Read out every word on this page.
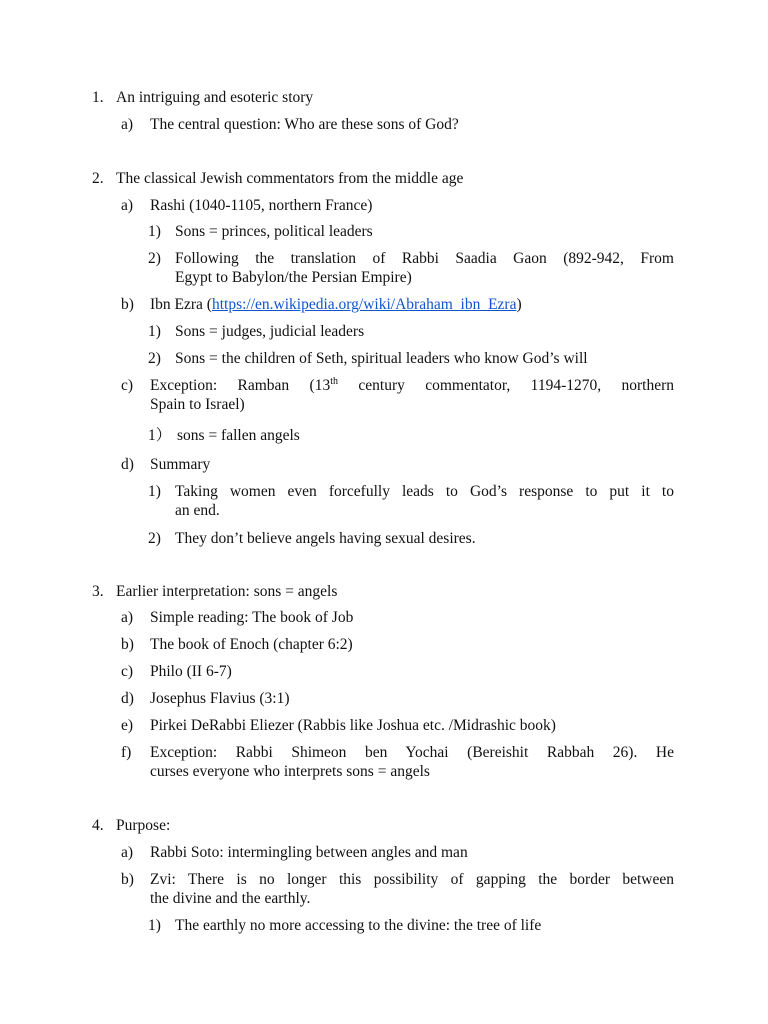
1. An intriguing and esoteric story
a) The central question: Who are these sons of God?
2. The classical Jewish commentators from the middle age
a) Rashi (1040-1105, northern France)
1) Sons = princes, political leaders
2) Following the translation of Rabbi Saadia Gaon (892-942, From
Egypt to Babylon/the Persian Empire)
b) Ibn Ezra (https://en.wikipedia.org/wiki/Abraham_ibn_Ezra)
1) Sons = judges, judicial leaders
2) Sons = the children of Seth, spiritual leaders who know God’s will
c) Exception: Ramban (13th century commentator, 1194-1270, northern
Spain to Israel)
1） sons = fallen angels
d) Summary
1) Taking women even forcefully leads to God’s response to put it to
an end.
2) They don’t believe angels having sexual desires.
3. Earlier interpretation: sons = angels
a) Simple reading: The book of Job
b) The book of Enoch (chapter 6:2)
c) Philo (II 6-7)
d) Josephus Flavius (3:1)
e) Pirkei DeRabbi Eliezer (Rabbis like Joshua etc. /Midrashic book)
f) Exception: Rabbi Shimeon ben Yochai (Bereishit Rabbah 26). He
curses everyone who interprets sons = angels
4. Purpose:
a) Rabbi Soto: intermingling between angles and man
b) Zvi: There is no longer this possibility of gapping the border between
the divine and the earthly.
1) The earthly no more accessing to the divine: the tree of life
